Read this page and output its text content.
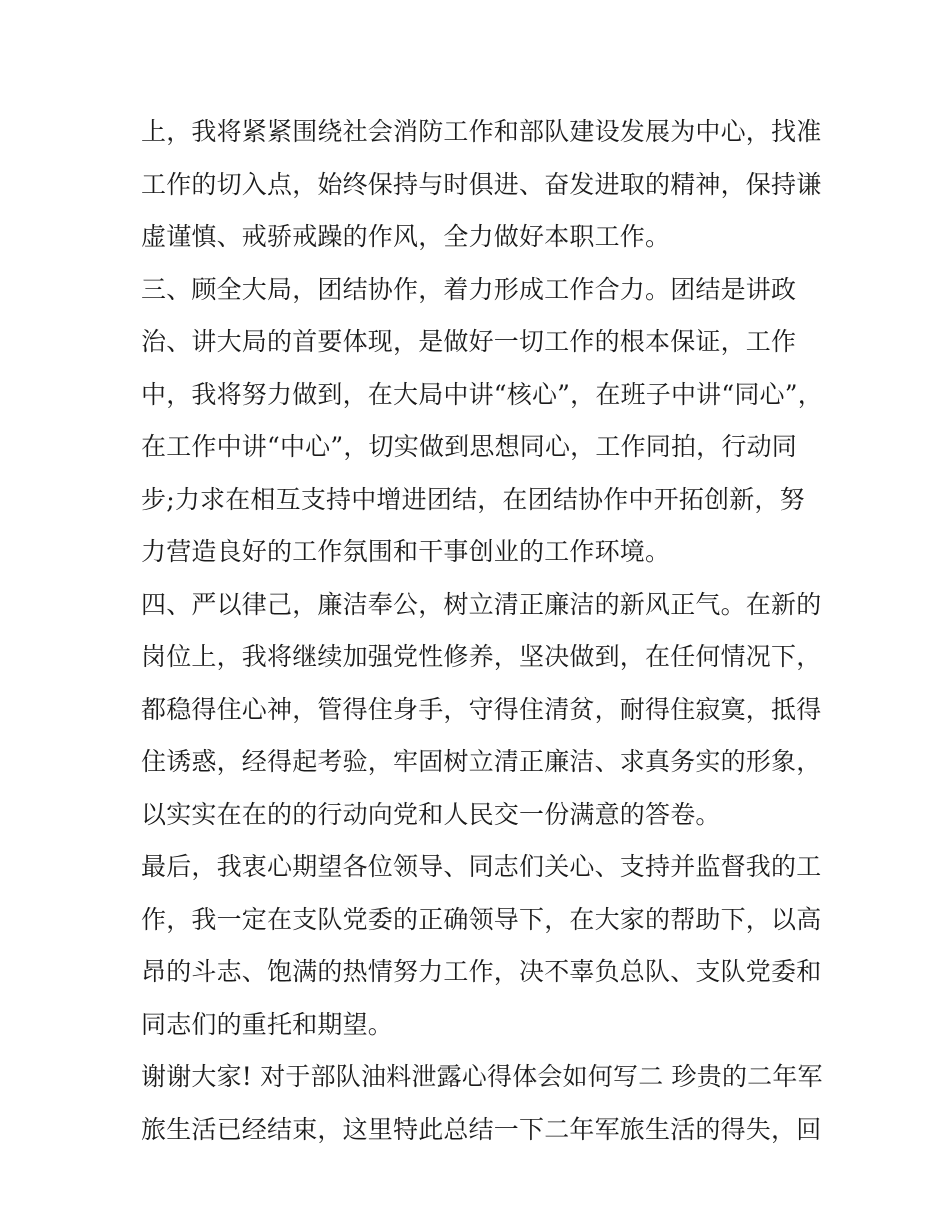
上，我将紧紧围绕社会消防工作和部队建设发展为中心，找准
工作的切入点，始终保持与时俱进、奋发进取的精神，保持谦
虚谨慎、戒骄戒躁的作风，全力做好本职工作。
三、顾全大局，团结协作，着力形成工作合力。团结是讲政
治、讲大局的首要体现，是做好一切工作的根本保证，工作
中，我将努力做到，在大局中讲“核心”，在班子中讲“同心”，
在工作中讲“中心”，切实做到思想同心，工作同拍，行动同
步;力求在相互支持中增进团结，在团结协作中开拓创新，努
力营造良好的工作氛围和干事创业的工作环境。
四、严以律己，廉洁奉公，树立清正廉洁的新风正气。在新的
岗位上，我将继续加强党性修养，坚决做到，在任何情况下，
都稳得住心神，管得住身手，守得住清贫，耐得住寂寞，抵得
住诱惑，经得起考验，牢固树立清正廉洁、求真务实的形象，
以实实在在的的行动向党和人民交一份满意的答卷。
最后，我衷心期望各位领导、同志们关心、支持并监督我的工
作，我一定在支队党委的正确领导下，在大家的帮助下，以高
昂的斗志、饱满的热情努力工作，决不辜负总队、支队党委和
同志们的重托和期望。
谢谢大家! 对于部队油料泄露心得体会如何写二 珍贵的二年军
旅生活已经结束，这里特此总结一下二年军旅生活的得失，回
